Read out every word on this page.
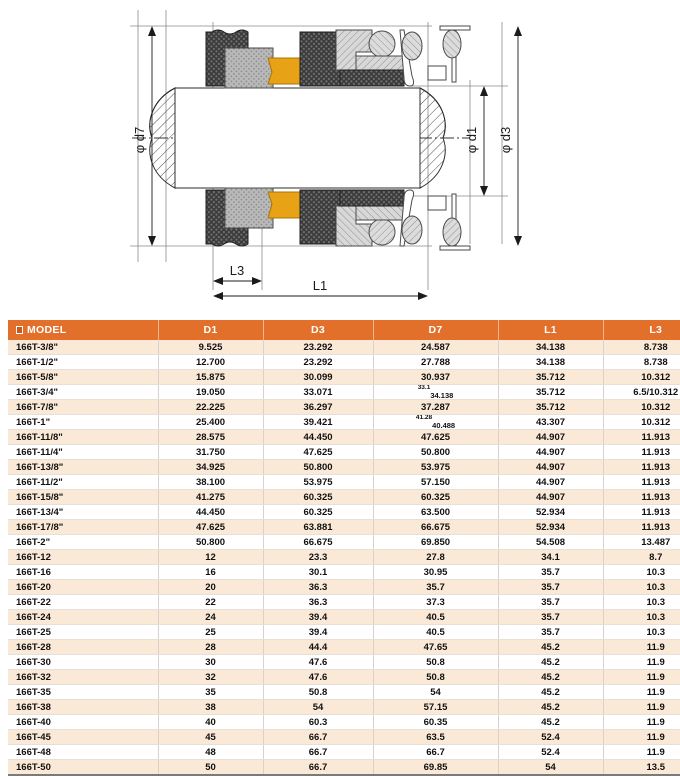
φ d7	φ d1 φ d3
L3
L1
MODEL	D1	D3	D7	L1	L3
166T-3/8"	9.525	23.292	24.587	34.138	8.738
166T-1/2"	12.700	23.292	27.788	34.138	8.738
166T-5/8"	15.875	30.099	30.937	35.712	10.312
166T-3/4"	19.050	33.071	$^{33.1}_{34.138}$	35.712	6.5/10.312
166T-7/8"	22.225	36.297	37.287	35.712	10.312
166T-1"	25.400	39.421	$^{41.28}_{40.488}$	43.307	10.312
166T-11/8"	28.575	44.450	47.625	44.907	11.913
166T-11/4"	31.750	47.625	50.800	44.907	11.913
166T-13/8"	34.925	50.800	53.975	44.907	11.913
166T-11/2"	38.100	53.975	57.150	44.907	11.913
166T-15/8"	41.275	60.325	60.325	44.907	11.913
166T-13/4"	44.450	60.325	63.500	52.934	11.913
166T-17/8"	47.625	63.881	66.675	52.934	11.913
166T-2"	50.800	66.675	69.850	54.508	13.487
166T-12	12	23.3	27.8	34.1	8.7
166T-16	16	30.1	30.95	35.7	10.3
166T-20	20	36.3	35.7	35.7	10.3
166T-22	22	36.3	37.3	35.7	10.3
166T-24	24	39.4	40.5	35.7	10.3
166T-25	25	39.4	40.5	35.7	10.3
166T-28	28	44.4	47.65	45.2	11.9
166T-30	30	47.6	50.8	45.2	11.9
166T-32	32	47.6	50.8	45.2	11.9
166T-35	35	50.8	54	45.2	11.9
166T-38	38	54	57.15	45.2	11.9
166T-40	40	60.3	60.35	45.2	11.9
166T-45	45	66.7	63.5	52.4	11.9
166T-48	48	66.7	66.7	52.4	11.9
166T-50	50	66.7	69.85	54	13.5
